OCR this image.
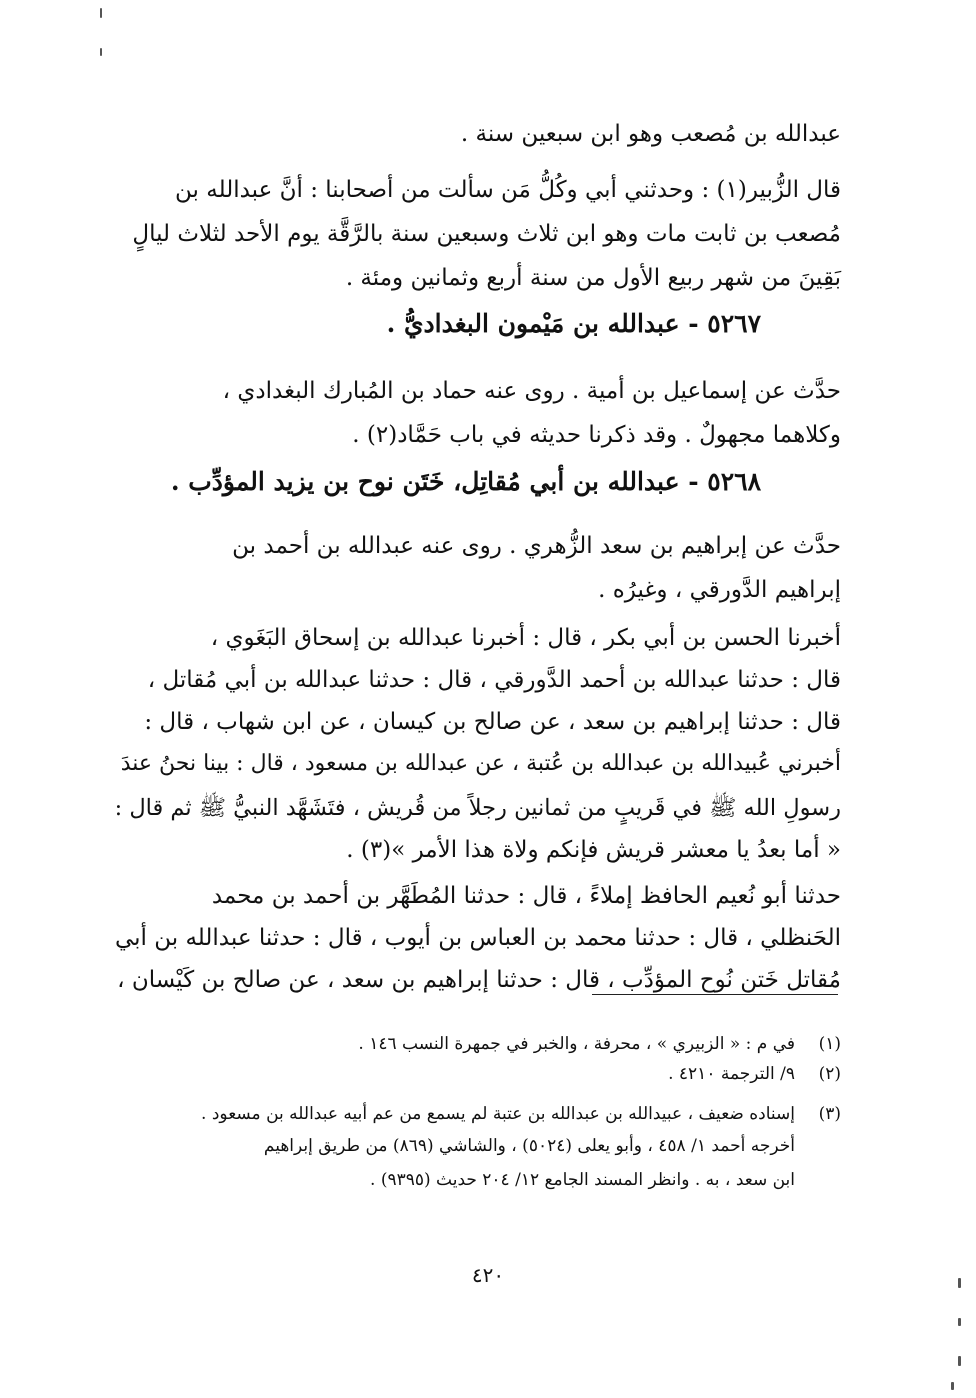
عبدالله بن مُصعب وهو ابن سبعين سنة .
قال الزُّبير(١) : وحدثني أبي وكُلُّ مَن سألت من أصحابنا : أنَّ عبدالله بن
مُصعب بن ثابت مات وهو ابن ثلاث وسبعين سنة بالرَّقَّة يوم الأحد لثلاث ليالٍ
بَقِينَ من شهر ربيع الأول من سنة أربع وثمانين ومئة .
٥٢٦٧ - عبدالله بن مَيْمون البغداديُّ .
حدَّث عن إسماعيل بن أمية . روى عنه حماد بن المُبارك البغدادي ،
وكلاهما مجهولٌ . وقد ذكرنا حديثه في باب حَمَّاد(٢) .
٥٢٦٨ - عبدالله بن أبي مُقاتِل، خَتَن نوح بن يزيد المؤدِّب .
حدَّث عن إبراهيم بن سعد الزُّهري . روى عنه عبدالله بن أحمد بن
إبراهيم الدَّورقي ، وغيرُه .
أخبرنا الحسن بن أبي بكر ، قال : أخبرنا عبدالله بن إسحاق البَغَوي ،
قال : حدثنا عبدالله بن أحمد الدَّورقي ، قال : حدثنا عبدالله بن أبي مُقاتل ،
قال : حدثنا إبراهيم بن سعد ، عن صالح بن كيسان ، عن ابن شهاب ، قال :
أخبرني عُبيدالله بن عبدالله بن عُتبة ، عن عبدالله بن مسعود ، قال : بينا نحنُ عندَ
رسولِ الله ﷺ في قَريبٍ من ثمانين رجلاً من قُريش ، فتَشَهَّد النبيُّ ﷺ ثم قال :
« أما بعدُ يا معشر قريش فإنكم ولاة هذا الأمر »(٣) .
حدثنا أبو نُعيم الحافظ إملاءً ، قال : حدثنا المُطَهَّر بن أحمد بن محمد
الحَنظلي ، قال : حدثنا محمد بن العباس بن أيوب ، قال : حدثنا عبدالله بن أبي
مُقاتل خَتن نُوح المؤدِّب ، قال : حدثنا إبراهيم بن سعد ، عن صالح بن كَيْسان ،
(١)في م : « الزبيري » ، محرفة ، والخبر في جمهرة النسب ١٤٦ .
(٢)٩/ الترجمة ٤٢١٠ .
(٣)إسناده ضعيف ، عبيدالله بن عبدالله بن عتبة لم يسمع من عم أبيه عبدالله بن مسعود .
أخرجه أحمد ١/ ٤٥٨ ، وأبو يعلى (٥٠٢٤) ، والشاشي (٨٦٩) من طريق إبراهيم
ابن سعد ، به . وانظر المسند الجامع ١٢/ ٢٠٤ حديث (٩٣٩٥) .
٤٢٠
